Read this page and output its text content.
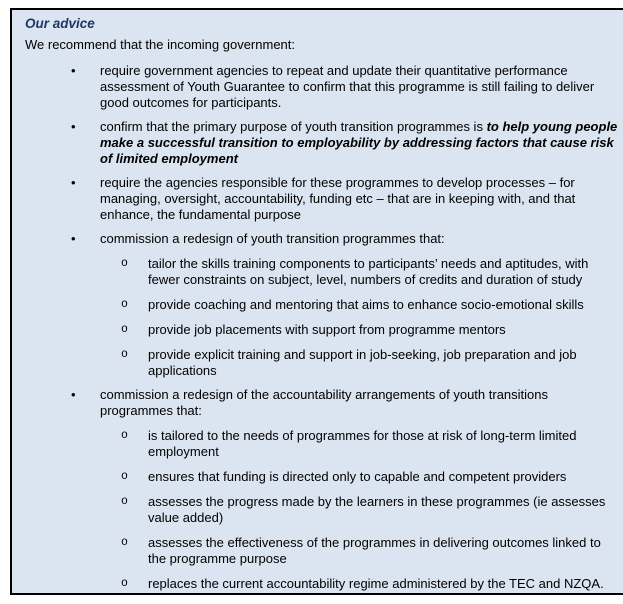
Our advice
We recommend that the incoming government:
•	require government agencies to repeat and update their quantitative performance assessment of Youth Guarantee to confirm that this programme is still failing to deliver good outcomes for participants.
•	confirm that the primary purpose of youth transition programmes is to help young people make a successful transition to employability by addressing factors that cause risk of limited employment
•	require the agencies responsible for these programmes to develop processes – for managing, oversight, accountability, funding etc – that are in keeping with, and that enhance, the fundamental purpose
•	commission a redesign of youth transition programmes that:
o	tailor the skills training components to participants’ needs and aptitudes, with fewer constraints on subject, level, numbers of credits and duration of study
o	provide coaching and mentoring that aims to enhance socio-emotional skills
o	provide job placements with support from programme mentors
o	provide explicit training and support in job-seeking, job preparation and job applications
•	commission a redesign of the accountability arrangements of youth transitions programmes that:
o	is tailored to the needs of programmes for those at risk of long-term limited employment
o	ensures that funding is directed only to capable and competent providers
o	assesses the progress made by the learners in these programmes (ie assesses value added)
o	assesses the effectiveness of the programmes in delivering outcomes linked to the programme purpose
o	replaces the current accountability regime administered by the TEC and NZQA.
